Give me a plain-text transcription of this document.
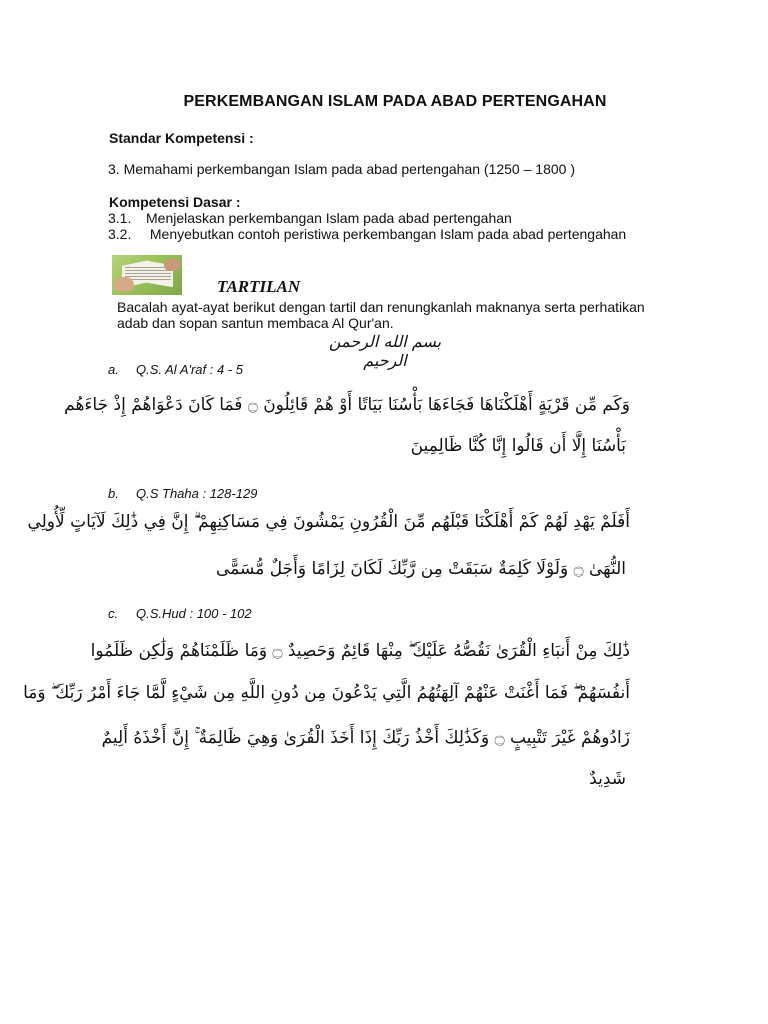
PERKEMBANGAN ISLAM PADA ABAD PERTENGAHAN
Standar Kompetensi :
3. Memahami perkembangan Islam pada abad pertengahan (1250 – 1800 )
Kompetensi Dasar :
3.1. Menjelaskan perkembangan Islam pada abad pertengahan
3.2. Menyebutkan contoh peristiwa perkembangan Islam pada abad pertengahan
TARTILAN
Bacalah ayat-ayat berikut dengan tartil dan renungkanlah maknanya serta perhatikan
adab dan sopan santun membaca Al Qur'an.
بسم الله الرحمن الرحيم
a. Q.S. Al A'raf : 4 - 5
وَكَم مِّن قَرْيَةٍ أَهْلَكْنَاهَا فَجَاءَهَا بَأْسُنَا بَيَاتًا أَوْ هُمْ قَائِلُونَ ۝ فَمَا كَانَ دَعْوَاهُمْ إِذْ جَاءَهُم
بَأْسُنَا إِلَّا أَن قَالُوا إِنَّا كُنَّا ظَالِمِينَ
b. Q.S Thaha : 128-129
أَفَلَمْ يَهْدِ لَهُمْ كَمْ أَهْلَكْنَا قَبْلَهُم مِّنَ الْقُرُونِ يَمْشُونَ فِي مَسَاكِنِهِمْ ۗ إِنَّ فِي ذَٰلِكَ لَآيَاتٍ لِّأُولِي
النُّهَىٰ ۝ وَلَوْلَا كَلِمَةٌ سَبَقَتْ مِن رَّبِّكَ لَكَانَ لِزَامًا وَأَجَلٌ مُّسَمًّى
c. Q.S.Hud : 100 - 102
ذَٰلِكَ مِنْ أَنبَاءِ الْقُرَىٰ نَقُصُّهُ عَلَيْكَ ۖ مِنْهَا قَائِمٌ وَحَصِيدٌ ۝ وَمَا ظَلَمْنَاهُمْ وَلَٰكِن ظَلَمُوا
أَنفُسَهُمْ ۖ فَمَا أَغْنَتْ عَنْهُمْ آلِهَتُهُمُ الَّتِي يَدْعُونَ مِن دُونِ اللَّهِ مِن شَيْءٍ لَّمَّا جَاءَ أَمْرُ رَبِّكَ ۖ وَمَا
زَادُوهُمْ غَيْرَ تَتْبِيبٍ ۝ وَكَذَٰلِكَ أَخْذُ رَبِّكَ إِذَا أَخَذَ الْقُرَىٰ وَهِيَ ظَالِمَةٌ ۚ إِنَّ أَخْذَهُ أَلِيمٌ
شَدِيدٌ
